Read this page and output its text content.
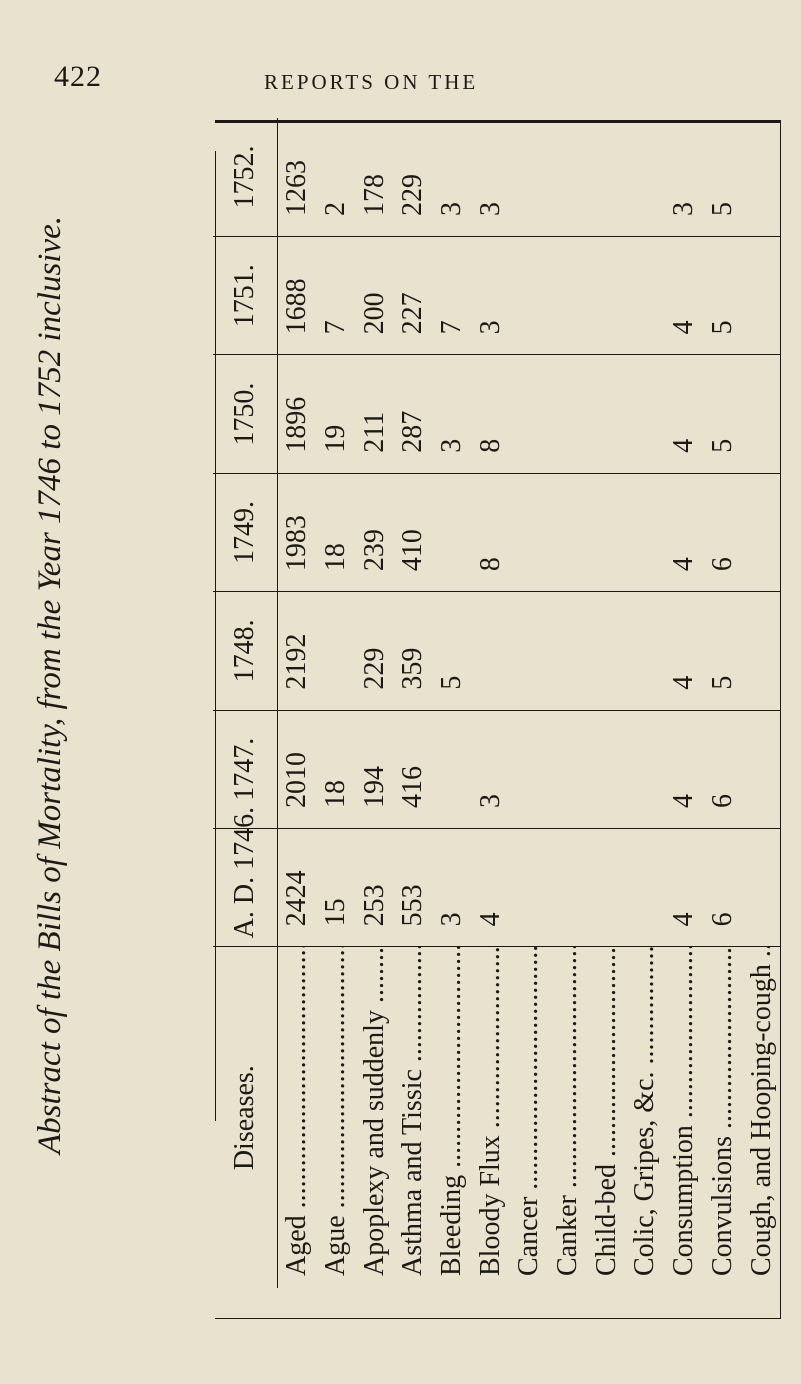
422	REPORTS ON THE
Abstract of the Bills of Mortality, from the Year 1746 to 1752 inclusive.	Diseases.	A. D. 1746.	1747.	1748.	1749.	1750.	1751.	1752.
Aged .....	2424	2010	2192	1983	1896	1688	1263
Ague .....	15	18		18	19	7	2
Apoplexy and suddenly .....	253	194	229	239	211	200	178
Asthma and Tissic .....	553	416	359	410	287	227	229
Bleeding .....	3		5		3	7	3
Bloody Flux .....	4	3		8	8	3	3
Cancer .....							
Canker .....							
Child-bed .....							
Colic, Gripes, &c. .....							
Consumption .....	4	4	4	4	4	4	3
Convulsions .....	6	6	5	6	5	5	5
Cough, and Hooping-cough .....							
